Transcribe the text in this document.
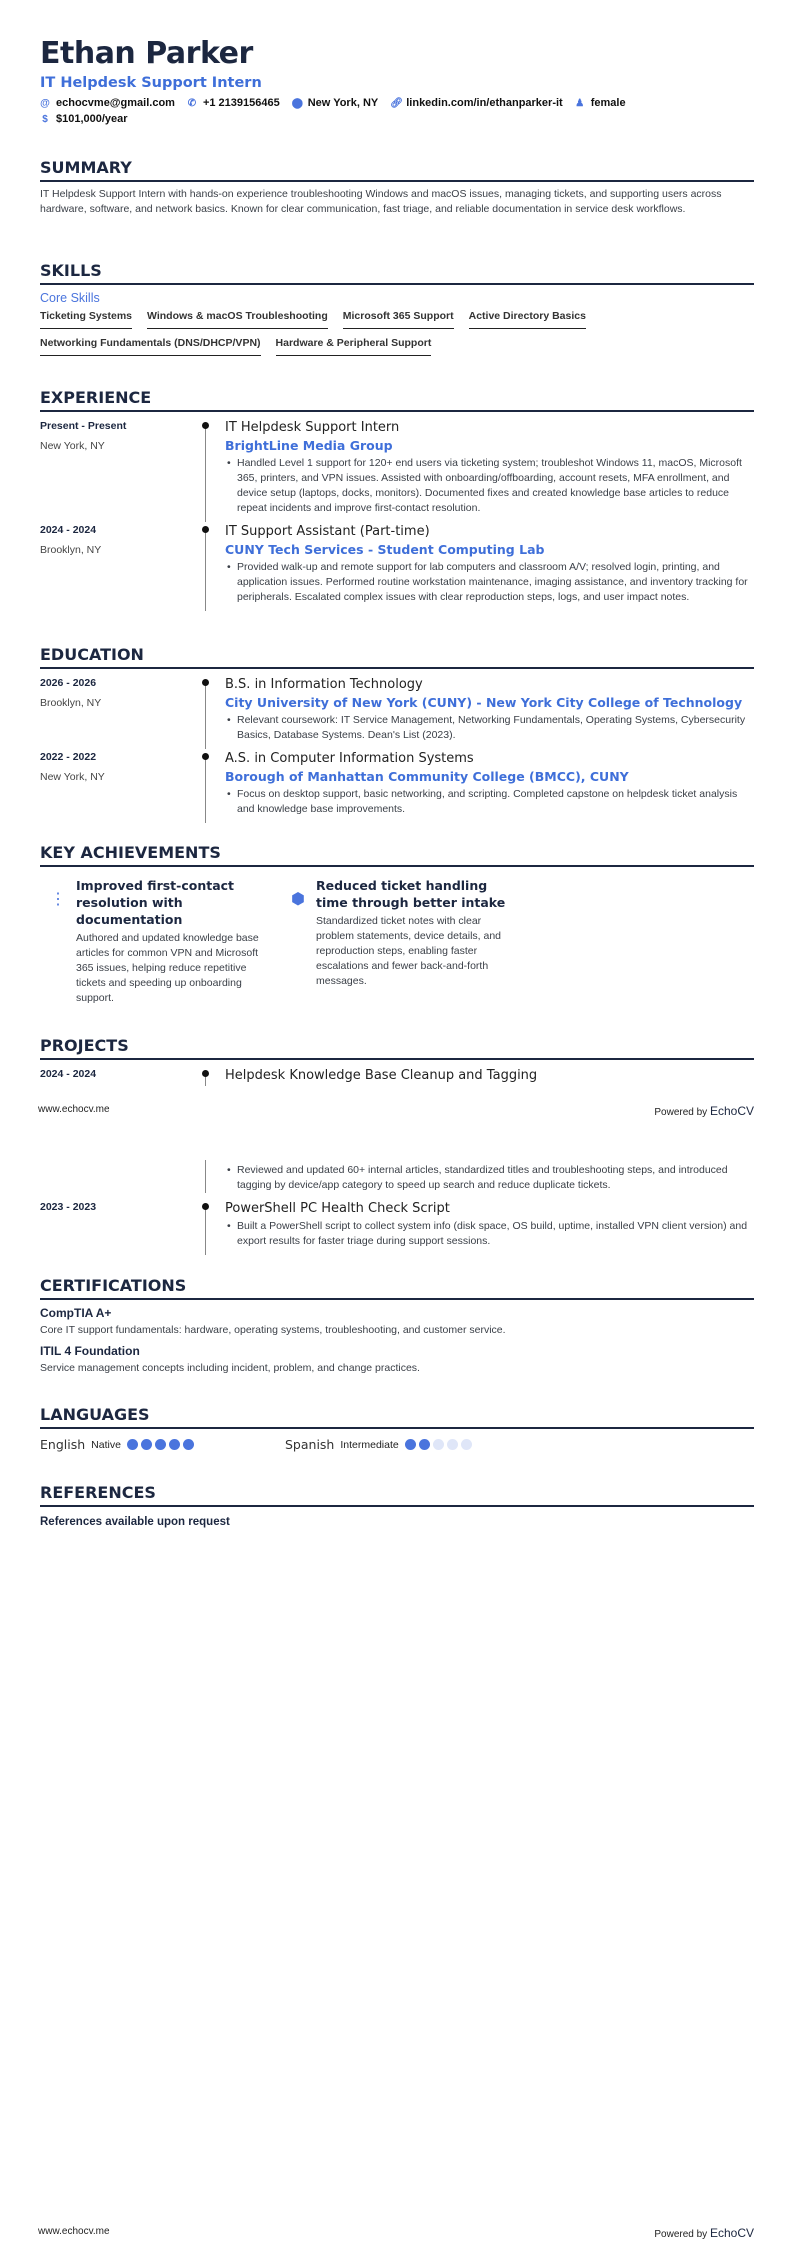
Ethan Parker
IT Helpdesk Support Intern
@ echocvme@gmail.com ✆ +1 2139156465 ⬤ New York, NY 🔗︎ linkedin.com/in/ethanparker-it ♟ female
$ $101,000/year
SUMMARY
IT Helpdesk Support Intern with hands-on experience troubleshooting Windows and macOS issues, managing tickets, and supporting users across hardware, software, and network basics. Known for clear communication, fast triage, and reliable documentation in service desk workflows.
SKILLS
Core Skills
Ticketing Systems Windows & macOS Troubleshooting Microsoft 365 Support Active Directory Basics
Networking Fundamentals (DNS/DHCP/VPN) Hardware & Peripheral Support
EXPERIENCE
Present - Present
New York, NY
IT Helpdesk Support Intern
BrightLine Media Group
• Handled Level 1 support for 120+ end users via ticketing system; troubleshot Windows 11, macOS, Microsoft 365, printers, and VPN issues. Assisted with onboarding/offboarding, account resets, MFA enrollment, and device setup (laptops, docks, monitors). Documented fixes and created knowledge base articles to reduce repeat incidents and improve first-contact resolution.
2024 - 2024
Brooklyn, NY
IT Support Assistant (Part-time)
CUNY Tech Services - Student Computing Lab
• Provided walk-up and remote support for lab computers and classroom A/V; resolved login, printing, and application issues. Performed routine workstation maintenance, imaging assistance, and inventory tracking for peripherals. Escalated complex issues with clear reproduction steps, logs, and user impact notes.
EDUCATION
2026 - 2026
Brooklyn, NY
B.S. in Information Technology
City University of New York (CUNY) - New York City College of Technology
• Relevant coursework: IT Service Management, Networking Fundamentals, Operating Systems, Cybersecurity Basics, Database Systems. Dean's List (2023).
2022 - 2022
New York, NY
A.S. in Computer Information Systems
Borough of Manhattan Community College (BMCC), CUNY
• Focus on desktop support, basic networking, and scripting. Completed capstone on helpdesk ticket analysis and knowledge base improvements.
KEY ACHIEVEMENTS
⋮
Improved first-contact resolution with documentation
Authored and updated knowledge base articles for common VPN and Microsoft 365 issues, helping reduce repetitive tickets and speeding up onboarding support.
⬢
Reduced ticket handling time through better intake
Standardized ticket notes with clear problem statements, device details, and reproduction steps, enabling faster escalations and fewer back-and-forth messages.
PROJECTS
2024 - 2024	Helpdesk Knowledge Base Cleanup and Tagging
www.echocv.me	Powered by EchoCV
• Reviewed and updated 60+ internal articles, standardized titles and troubleshooting steps, and introduced tagging by device/app category to speed up search and reduce duplicate tickets.
2023 - 2023	PowerShell PC Health Check Script
• Built a PowerShell script to collect system info (disk space, OS build, uptime, installed VPN client version) and export results for faster triage during support sessions.
CERTIFICATIONS
CompTIA A+
Core IT support fundamentals: hardware, operating systems, troubleshooting, and customer service.
ITIL 4 Foundation
Service management concepts including incident, problem, and change practices.
LANGUAGES
English Native	Spanish Intermediate
REFERENCES
References available upon request
www.echocv.me	Powered by EchoCV
